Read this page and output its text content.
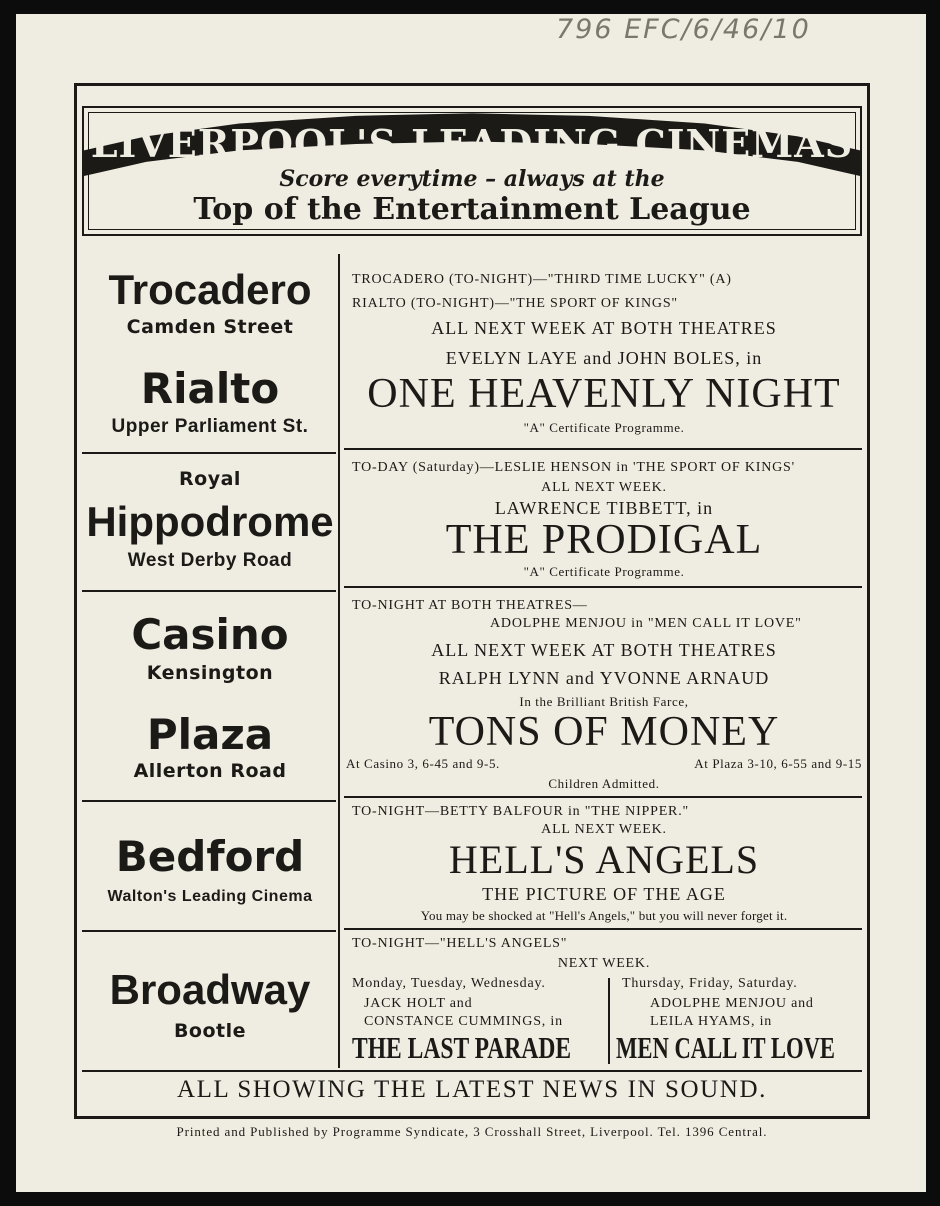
796 EFC/6/46/10
LIVERPOOL'S LEADING CINEMAS
Score everytime – always at the
Top of the Entertainment League
Trocadero
Camden Street
Rialto
Upper Parliament St.
Royal
Hippodrome
West Derby Road
Casino
Kensington
Plaza
Allerton Road
Bedford
Walton's Leading Cinema
Broadway
Bootle
TROCADERO (TO-NIGHT)—"THIRD TIME LUCKY" (A)
RIALTO (TO-NIGHT)—"THE SPORT OF KINGS"
ALL NEXT WEEK AT BOTH THEATRES
EVELYN LAYE and JOHN BOLES, in
ONE HEAVENLY NIGHT
"A" Certificate Programme.
TO-DAY (Saturday)—LESLIE HENSON in 'THE SPORT OF KINGS'
ALL NEXT WEEK.
LAWRENCE TIBBETT, in
THE PRODIGAL
"A" Certificate Programme.
TO-NIGHT AT BOTH THEATRES—
ADOLPHE MENJOU in "MEN CALL IT LOVE"
ALL NEXT WEEK AT BOTH THEATRES
RALPH LYNN and YVONNE ARNAUD
In the Brilliant British Farce,
TONS OF MONEY
At Casino 3, 6-45 and 9-5.	At Plaza 3-10, 6-55 and 9-15
Children Admitted.
TO-NIGHT—BETTY BALFOUR in "THE NIPPER."
ALL NEXT WEEK.
HELL'S ANGELS
THE PICTURE OF THE AGE
You may be shocked at "Hell's Angels," but you will never forget it.
TO-NIGHT—"HELL'S ANGELS"
NEXT WEEK.
Monday, Tuesday, Wednesday.
JACK HOLT and
CONSTANCE CUMMINGS, in
THE LAST PARADE
Thursday, Friday, Saturday.
ADOLPHE MENJOU and
LEILA HYAMS, in
MEN CALL IT LOVE
ALL SHOWING THE LATEST NEWS IN SOUND.
Printed and Published by Programme Syndicate, 3 Crosshall Street, Liverpool. Tel. 1396 Central.
